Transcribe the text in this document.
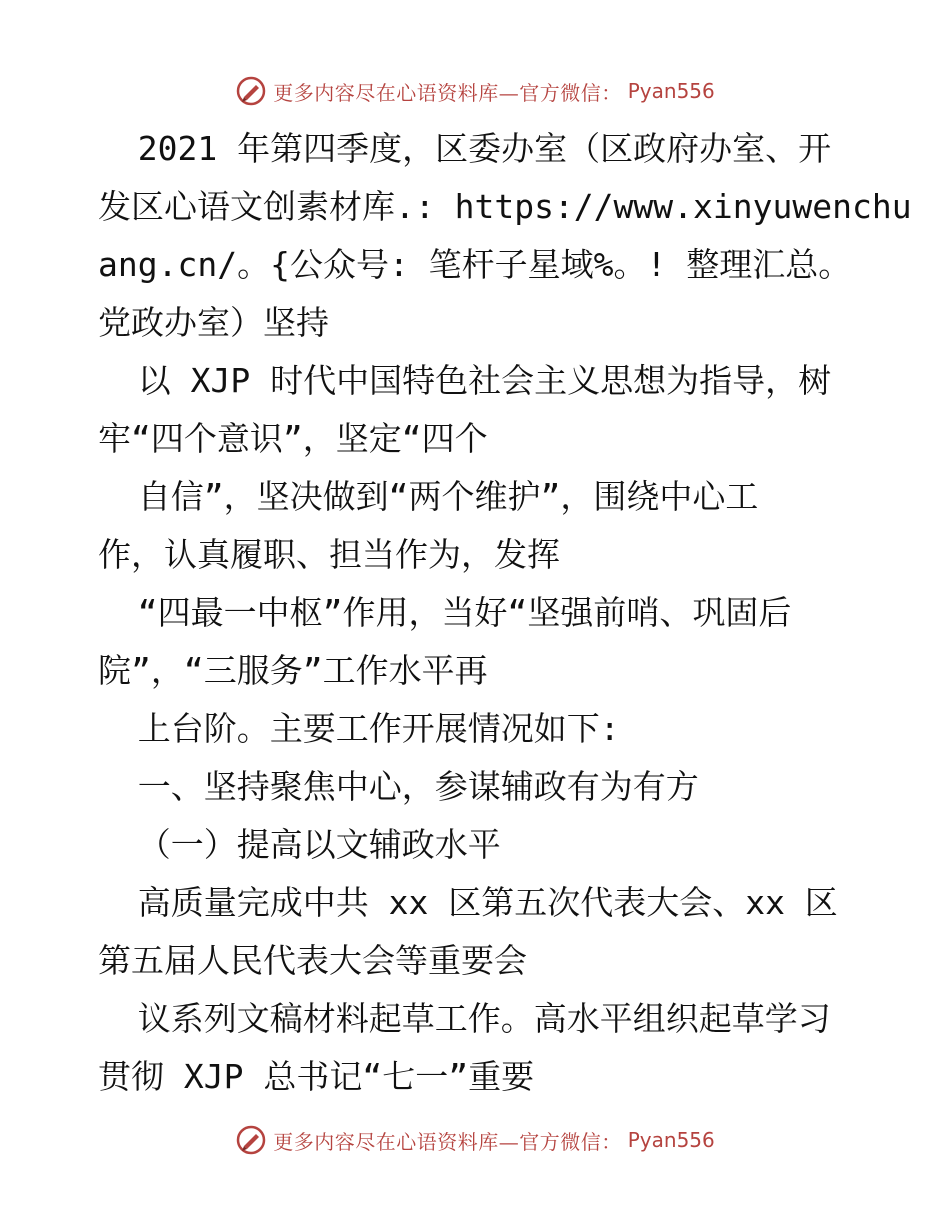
更多内容尽在心语资料库—官方微信： Pyan556
2021 年第四季度，区委办室（区政府办室、开
发区心语文创素材库.: https://www.xinyuwenchu
ang.cn/。{公众号: 笔杆子星域%。! 整理汇总。
党政办室）坚持
以 XJP 时代中国特色社会主义思想为指导，树
牢“四个意识”，坚定“四个
自信”，坚决做到“两个维护”，围绕中心工
作，认真履职、担当作为，发挥
“四最一中枢”作用，当好“坚强前哨、巩固后
院”，“三服务”工作水平再
上台阶。主要工作开展情况如下:
一、坚持聚焦中心，参谋辅政有为有方
（一）提高以文辅政水平
高质量完成中共 xx 区第五次代表大会、xx 区
第五届人民代表大会等重要会
议系列文稿材料起草工作。高水平组织起草学习
贯彻 XJP 总书记“七一”重要
更多内容尽在心语资料库—官方微信： Pyan556
